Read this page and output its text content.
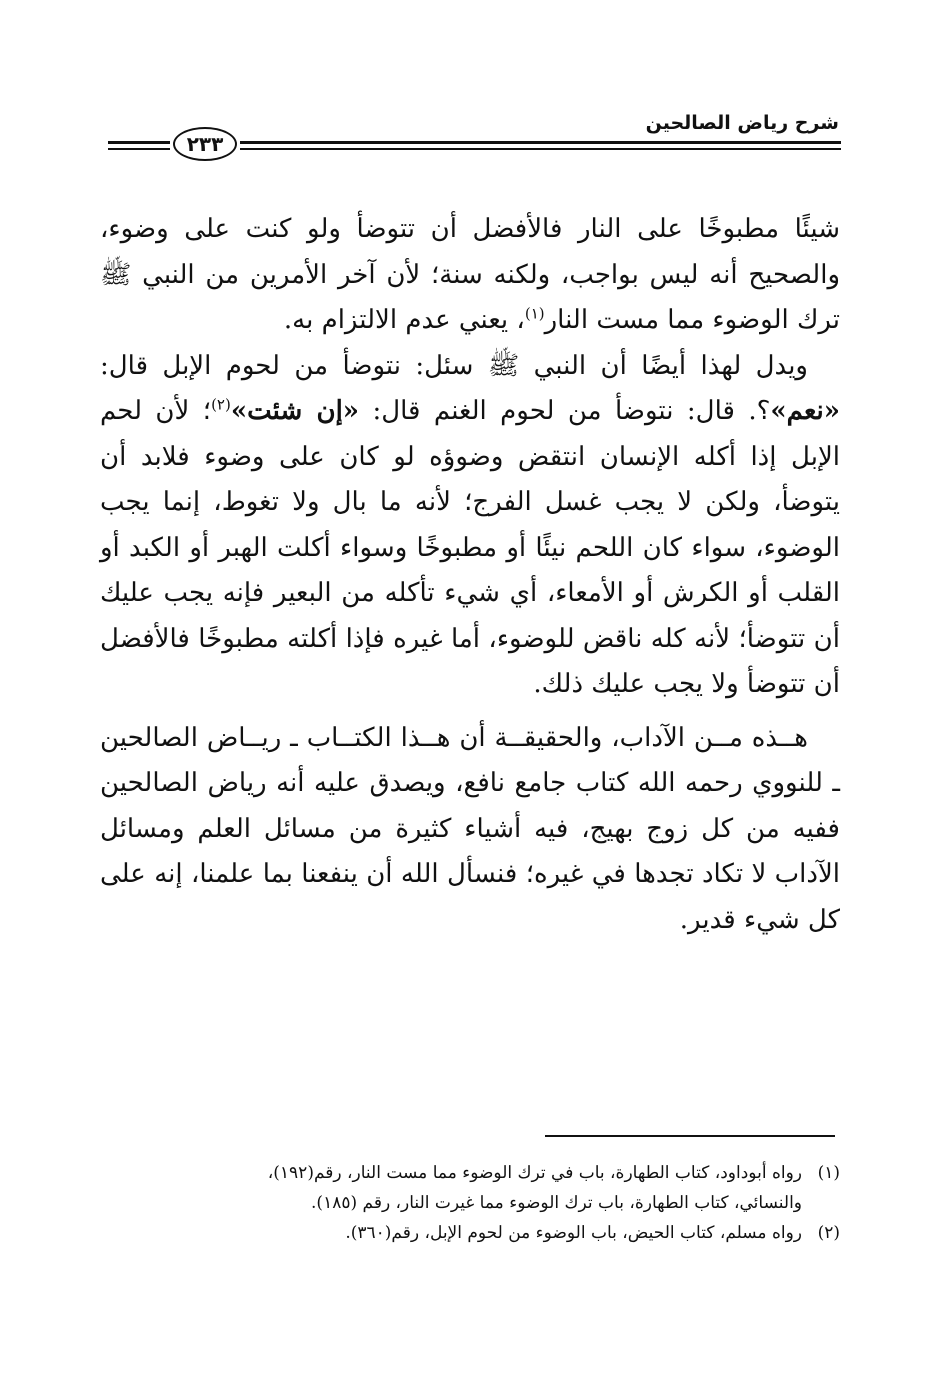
شرح رياض الصالحين
٢٣٣

شيئًا مطبوخًا على النار فالأفضل أن تتوضأ ولو كنت على وضوء، والصحيح أنه ليس بواجب، ولكنه سنة؛ لأن آخر الأمرين من النبي ﷺ ترك الوضوء مما مست النار$^{(١)}$، يعني عدم الالتزام به.

ويدل لهذا أيضًا أن النبي ﷺ سئل: نتوضأ من لحوم الإبل قال: «نعم»؟. قال: نتوضأ من لحوم الغنم قال: «إن شئت»$^{(٢)}$؛ لأن لحم الإبل إذا أكله الإنسان انتقض وضوؤه لو كان على وضوء فلابد أن يتوضأ، ولكن لا يجب غسل الفرج؛ لأنه ما بال ولا تغوط، إنما يجب الوضوء، سواء كان اللحم نيئًا أو مطبوخًا وسواء أكلت الهبر أو الكبد أو القلب أو الكرش أو الأمعاء، أي شيء تأكله من البعير فإنه يجب عليك أن تتوضأ؛ لأنه كله ناقض للوضوء، أما غيره فإذا أكلته مطبوخًا فالأفضل أن تتوضأ ولا يجب عليك ذلك.

هــذه مــن الآداب، والحقيقــة أن هــذا الكتــاب ـ ريــاض الصالحين ـ للنووي رحمه الله كتاب جامع نافع، ويصدق عليه أنه رياض الصالحين ففيه من كل زوج بهيج، فيه أشياء كثيرة من مسائل العلم ومسائل الآداب لا تكاد تجدها في غيره؛ فنسأل الله أن ينفعنا بما علمنا، إنه على كل شيء قدير.

(١)رواه أبوداود، كتاب الطهارة، باب في ترك الوضوء مما مست النار، رقم(١٩٢)،

والنسائي، كتاب الطهارة، باب ترك الوضوء مما غيرت النار، رقم (١٨٥).

(٢)رواه مسلم، كتاب الحيض، باب الوضوء من لحوم الإبل، رقم(٣٦٠).
